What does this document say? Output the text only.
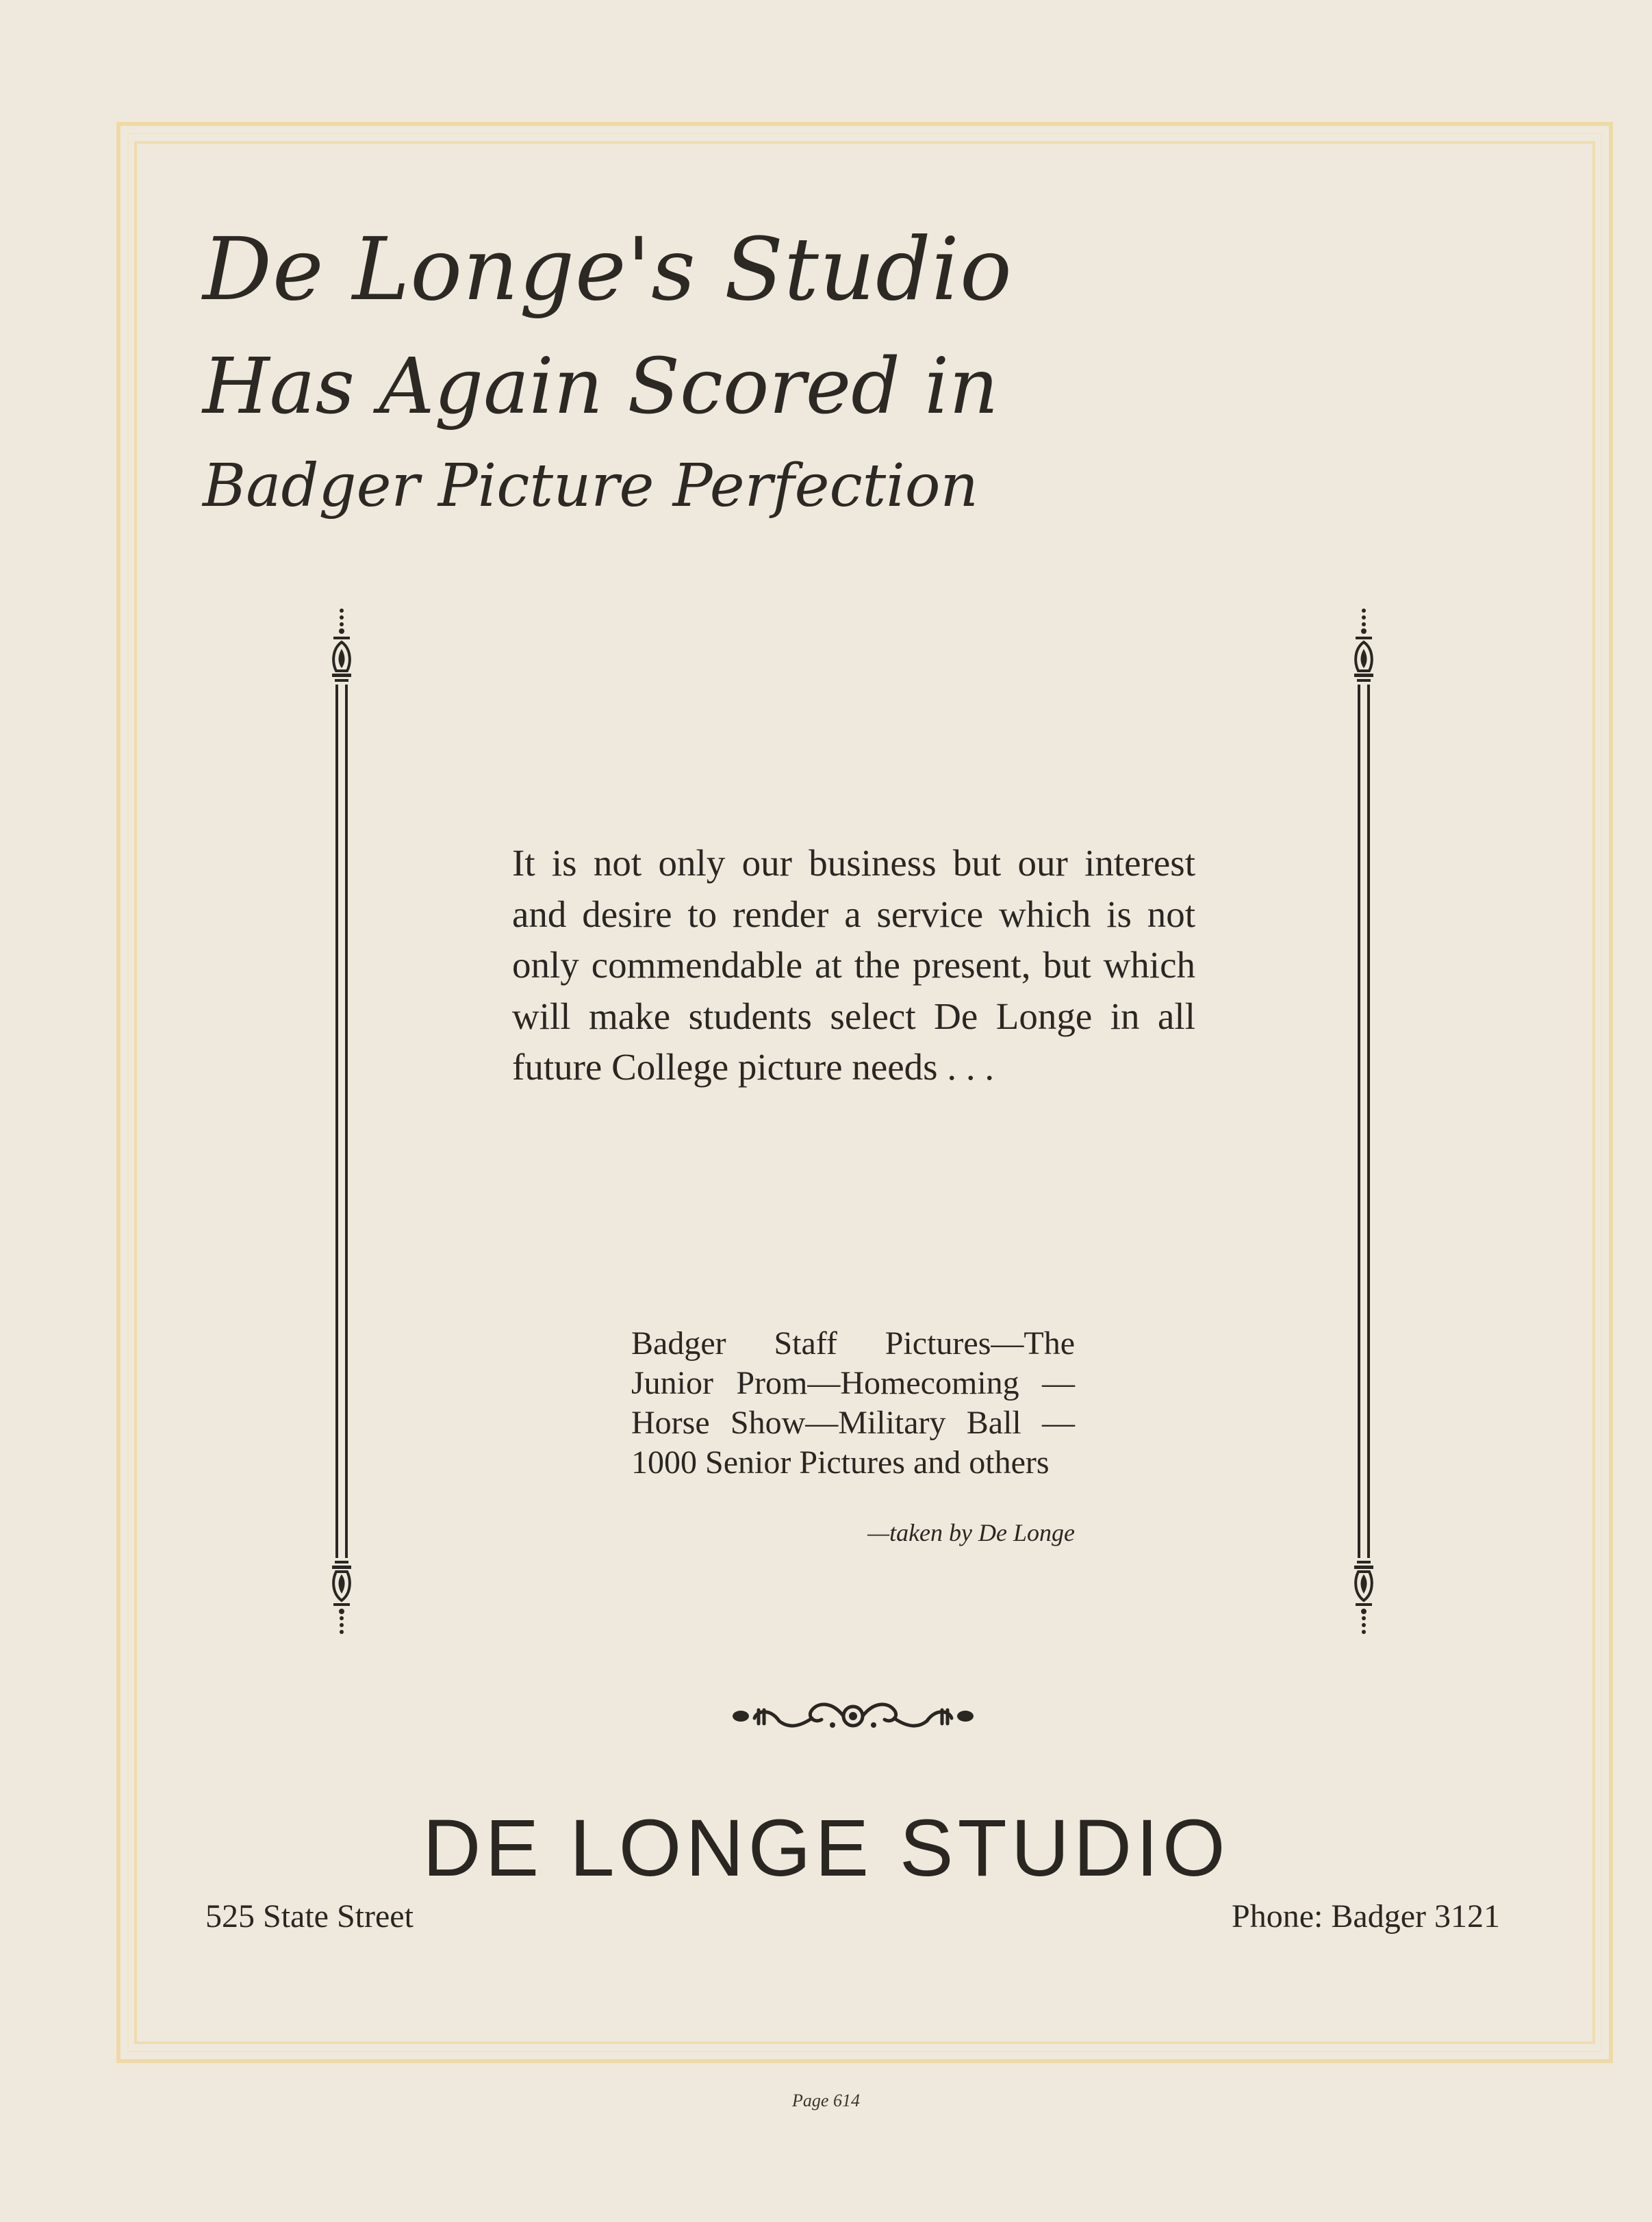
De Longe's Studio
Has Again Scored in
Badger Picture Perfection

It is not only our business but our interest and desire to render a service which is not only commendable at the present, but which will make students select De Longe in all future College picture needs . . .

Badger Staff Pictures—The Junior Prom—Homecoming —Horse Show—Military Ball —1000 Senior Pictures and others

—taken by De Longe

DE LONGE STUDIO

525 State Street	Phone: Badger 3121

Page 614
